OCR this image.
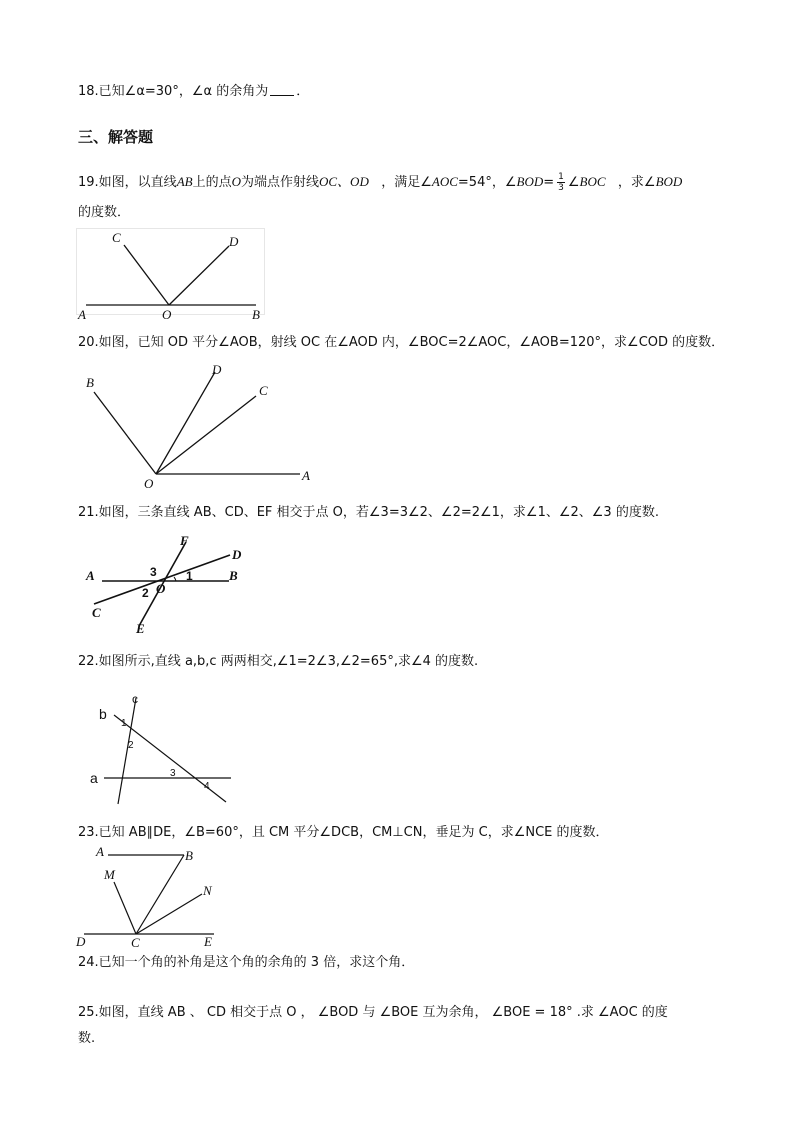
18.已知∠α=30°，∠α 的余角为 ．
三、解答题
19.如图，以直线AB上的点O为端点作射线OC、OD ，满足∠AOC=54°，∠BOD= $\frac{1}{3}$ ∠BOC ，求∠BOD
的度数．
C	D
A	O	B
20.如图，已知 OD 平分∠AOB，射线 OC 在∠AOD 内，∠BOC=2∠AOC，∠AOB=120°，求∠COD 的度数．
B
D
C
O
A
21.如图，三条直线 AB、CD、EF 相交于点 O，若∠3=3∠2、∠2=2∠1，求∠1、∠2、∠3 的度数.
F
D
A	B
C
E
O
1
2
3
22.如图所示,直线 a,b,c 两两相交,∠1=2∠3,∠2=65°,求∠4 的度数.
c
b
a
1
2
3
4
23.已知 AB∥DE，∠B=60°，且 CM 平分∠DCB，CM⊥CN，垂足为 C，求∠NCE 的度数．
A	B
M
N
D	C	E
24.已知一个角的补角是这个角的余角的 3 倍，求这个角．
25.如图，直线 AB 、 CD 相交于点 O ， ∠BOD 与 ∠BOE 互为余角， ∠BOE = 18° .求 ∠AOC 的度
数.
